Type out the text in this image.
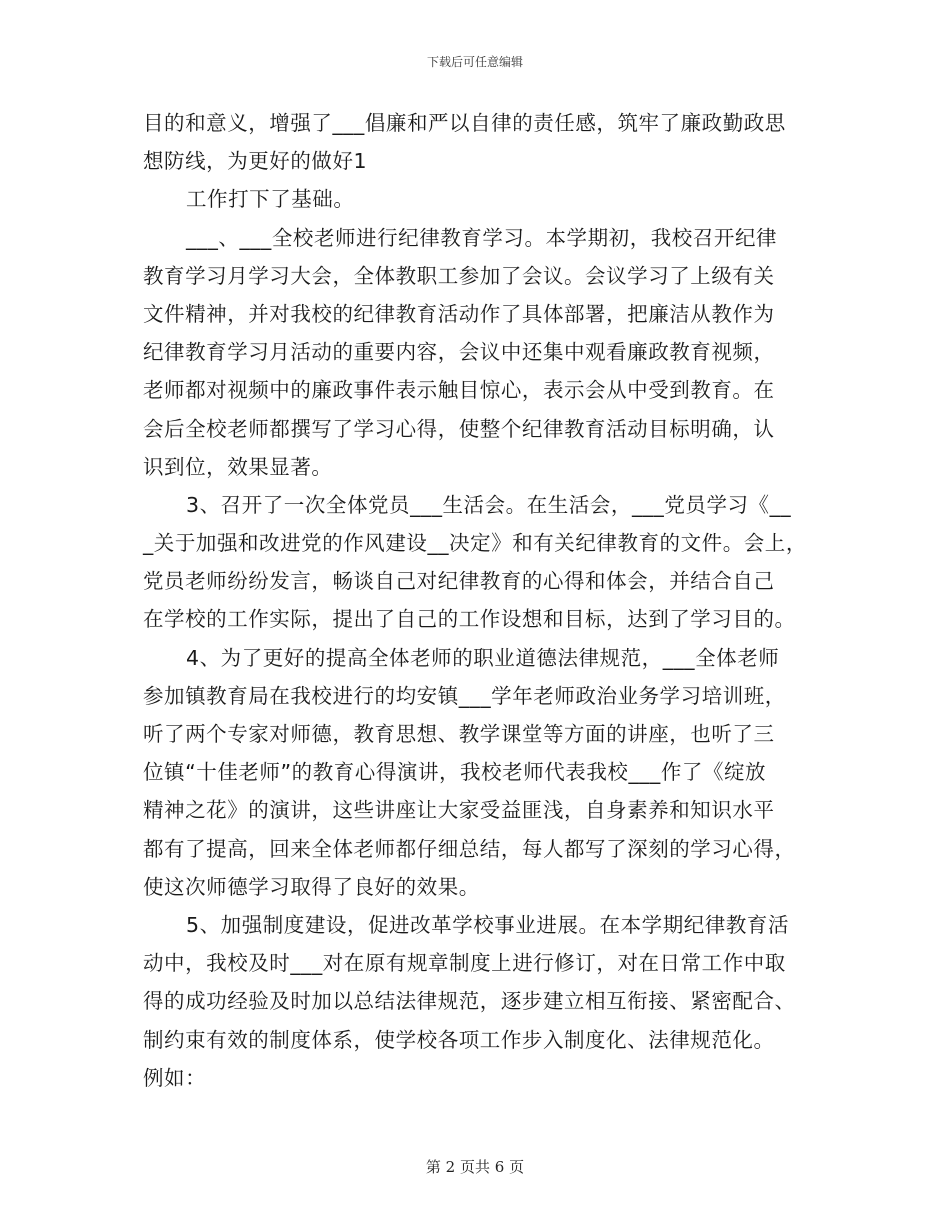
下载后可任意编辑
目的和意义，增强了___倡廉和严以自律的责任感，筑牢了廉政勤政思
想防线，为更好的做好1
工作打下了基础。
___、___全校老师进行纪律教育学习。本学期初，我校召开纪律
教育学习月学习大会，全体教职工参加了会议。会议学习了上级有关
文件精神，并对我校的纪律教育活动作了具体部署，把廉洁从教作为
纪律教育学习月活动的重要内容，会议中还集中观看廉政教育视频，
老师都对视频中的廉政事件表示触目惊心，表示会从中受到教育。在
会后全校老师都撰写了学习心得，使整个纪律教育活动目标明确，认
识到位，效果显著。
3、召开了一次全体党员___生活会。在生活会，___党员学习《__
_关于加强和改进党的作风建设__决定》和有关纪律教育的文件。会上，
党员老师纷纷发言，畅谈自己对纪律教育的心得和体会，并结合自己
在学校的工作实际，提出了自己的工作设想和目标，达到了学习目的。
4、为了更好的提高全体老师的职业道德法律规范，___全体老师
参加镇教育局在我校进行的均安镇___学年老师政治业务学习培训班，
听了两个专家对师德，教育思想、教学课堂等方面的讲座，也听了三
位镇“十佳老师”的教育心得演讲，我校老师代表我校___作了《绽放
精神之花》的演讲，这些讲座让大家受益匪浅，自身素养和知识水平
都有了提高，回来全体老师都仔细总结，每人都写了深刻的学习心得，
使这次师德学习取得了良好的效果。
5、加强制度建设，促进改革学校事业进展。在本学期纪律教育活
动中，我校及时___对在原有规章制度上进行修订，对在日常工作中取
得的成功经验及时加以总结法律规范，逐步建立相互衔接、紧密配合、
制约束有效的制度体系，使学校各项工作步入制度化、法律规范化。
例如：
第 2 页共 6 页
